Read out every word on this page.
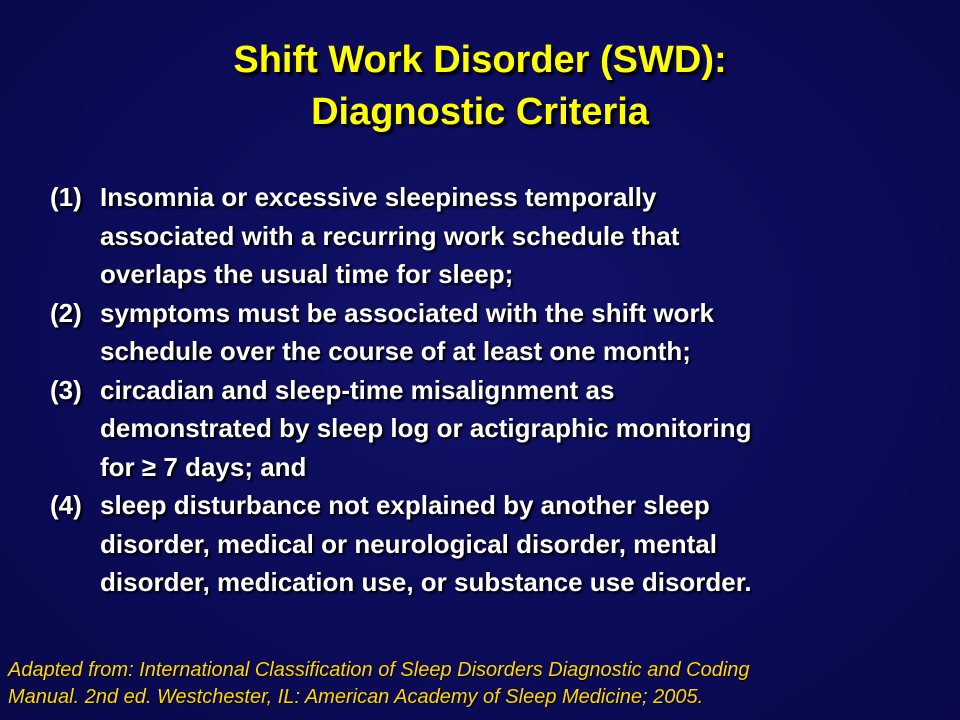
Shift Work Disorder (SWD):
Diagnostic Criteria
(1) Insomnia or excessive sleepiness temporally
associated with a recurring work schedule that
overlaps the usual time for sleep;
(2) symptoms must be associated with the shift work
schedule over the course of at least one month;
(3) circadian and sleep-time misalignment as
demonstrated by sleep log or actigraphic monitoring
for ≥ 7 days; and
(4) sleep disturbance not explained by another sleep
disorder, medical or neurological disorder, mental
disorder, medication use, or substance use disorder.

Adapted from: International Classification of Sleep Disorders Diagnostic and Coding
Manual. 2nd ed. Westchester, IL: American Academy of Sleep Medicine; 2005.
